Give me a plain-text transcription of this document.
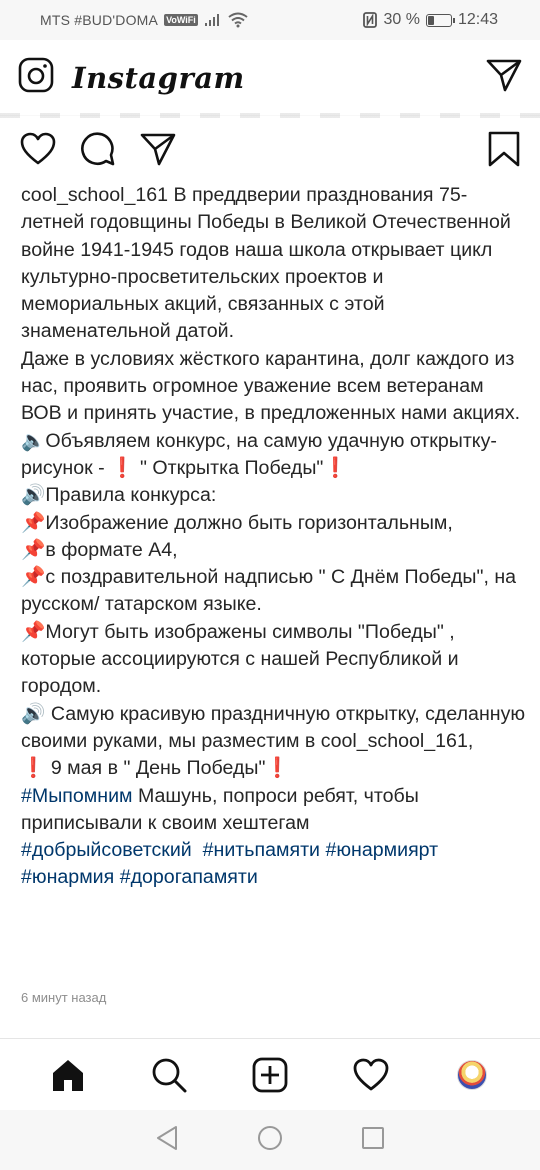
MTS #BUD'DOMA VoWiFi	30 % 12:43
Instagram
cool_school_161 В преддверии празднования 75-летней годовщины Победы в Великой Отечественной войне 1941-1945 годов наша школа открывает цикл культурно-просветительских проектов и мемориальных акций, связанных с этой знаменательной датой.
Даже в условиях жёсткого карантина, долг каждого из нас, проявить огромное уважение всем ветеранам ВОВ и принять участие, в предложенных нами акциях. 🔈Объявляем конкурс, на самую удачную открытку-рисунок - ❗ " Открытка Победы"❗
🔊Правила конкурса:
📌Изображение должно быть горизонтальным,
📌в формате А4,
📌с поздравительной надписью " С Днём Победы", на русском/ татарском языке.
📌Могут быть изображены символы "Победы" , которые ассоциируются с нашей Республикой и городом.
🔊 Самую красивую праздничную открытку, сделанную своими руками, мы разместим в cool_school_161,
❗ 9 мая в " День Победы"❗
#Мыпомним Машунь, попроси ребят, чтобы приписывали к своим хештегам
#добрыйсоветский #нитьпамяти #юнармиярт
#юнармия #дорогапамяти
6 минут назад
